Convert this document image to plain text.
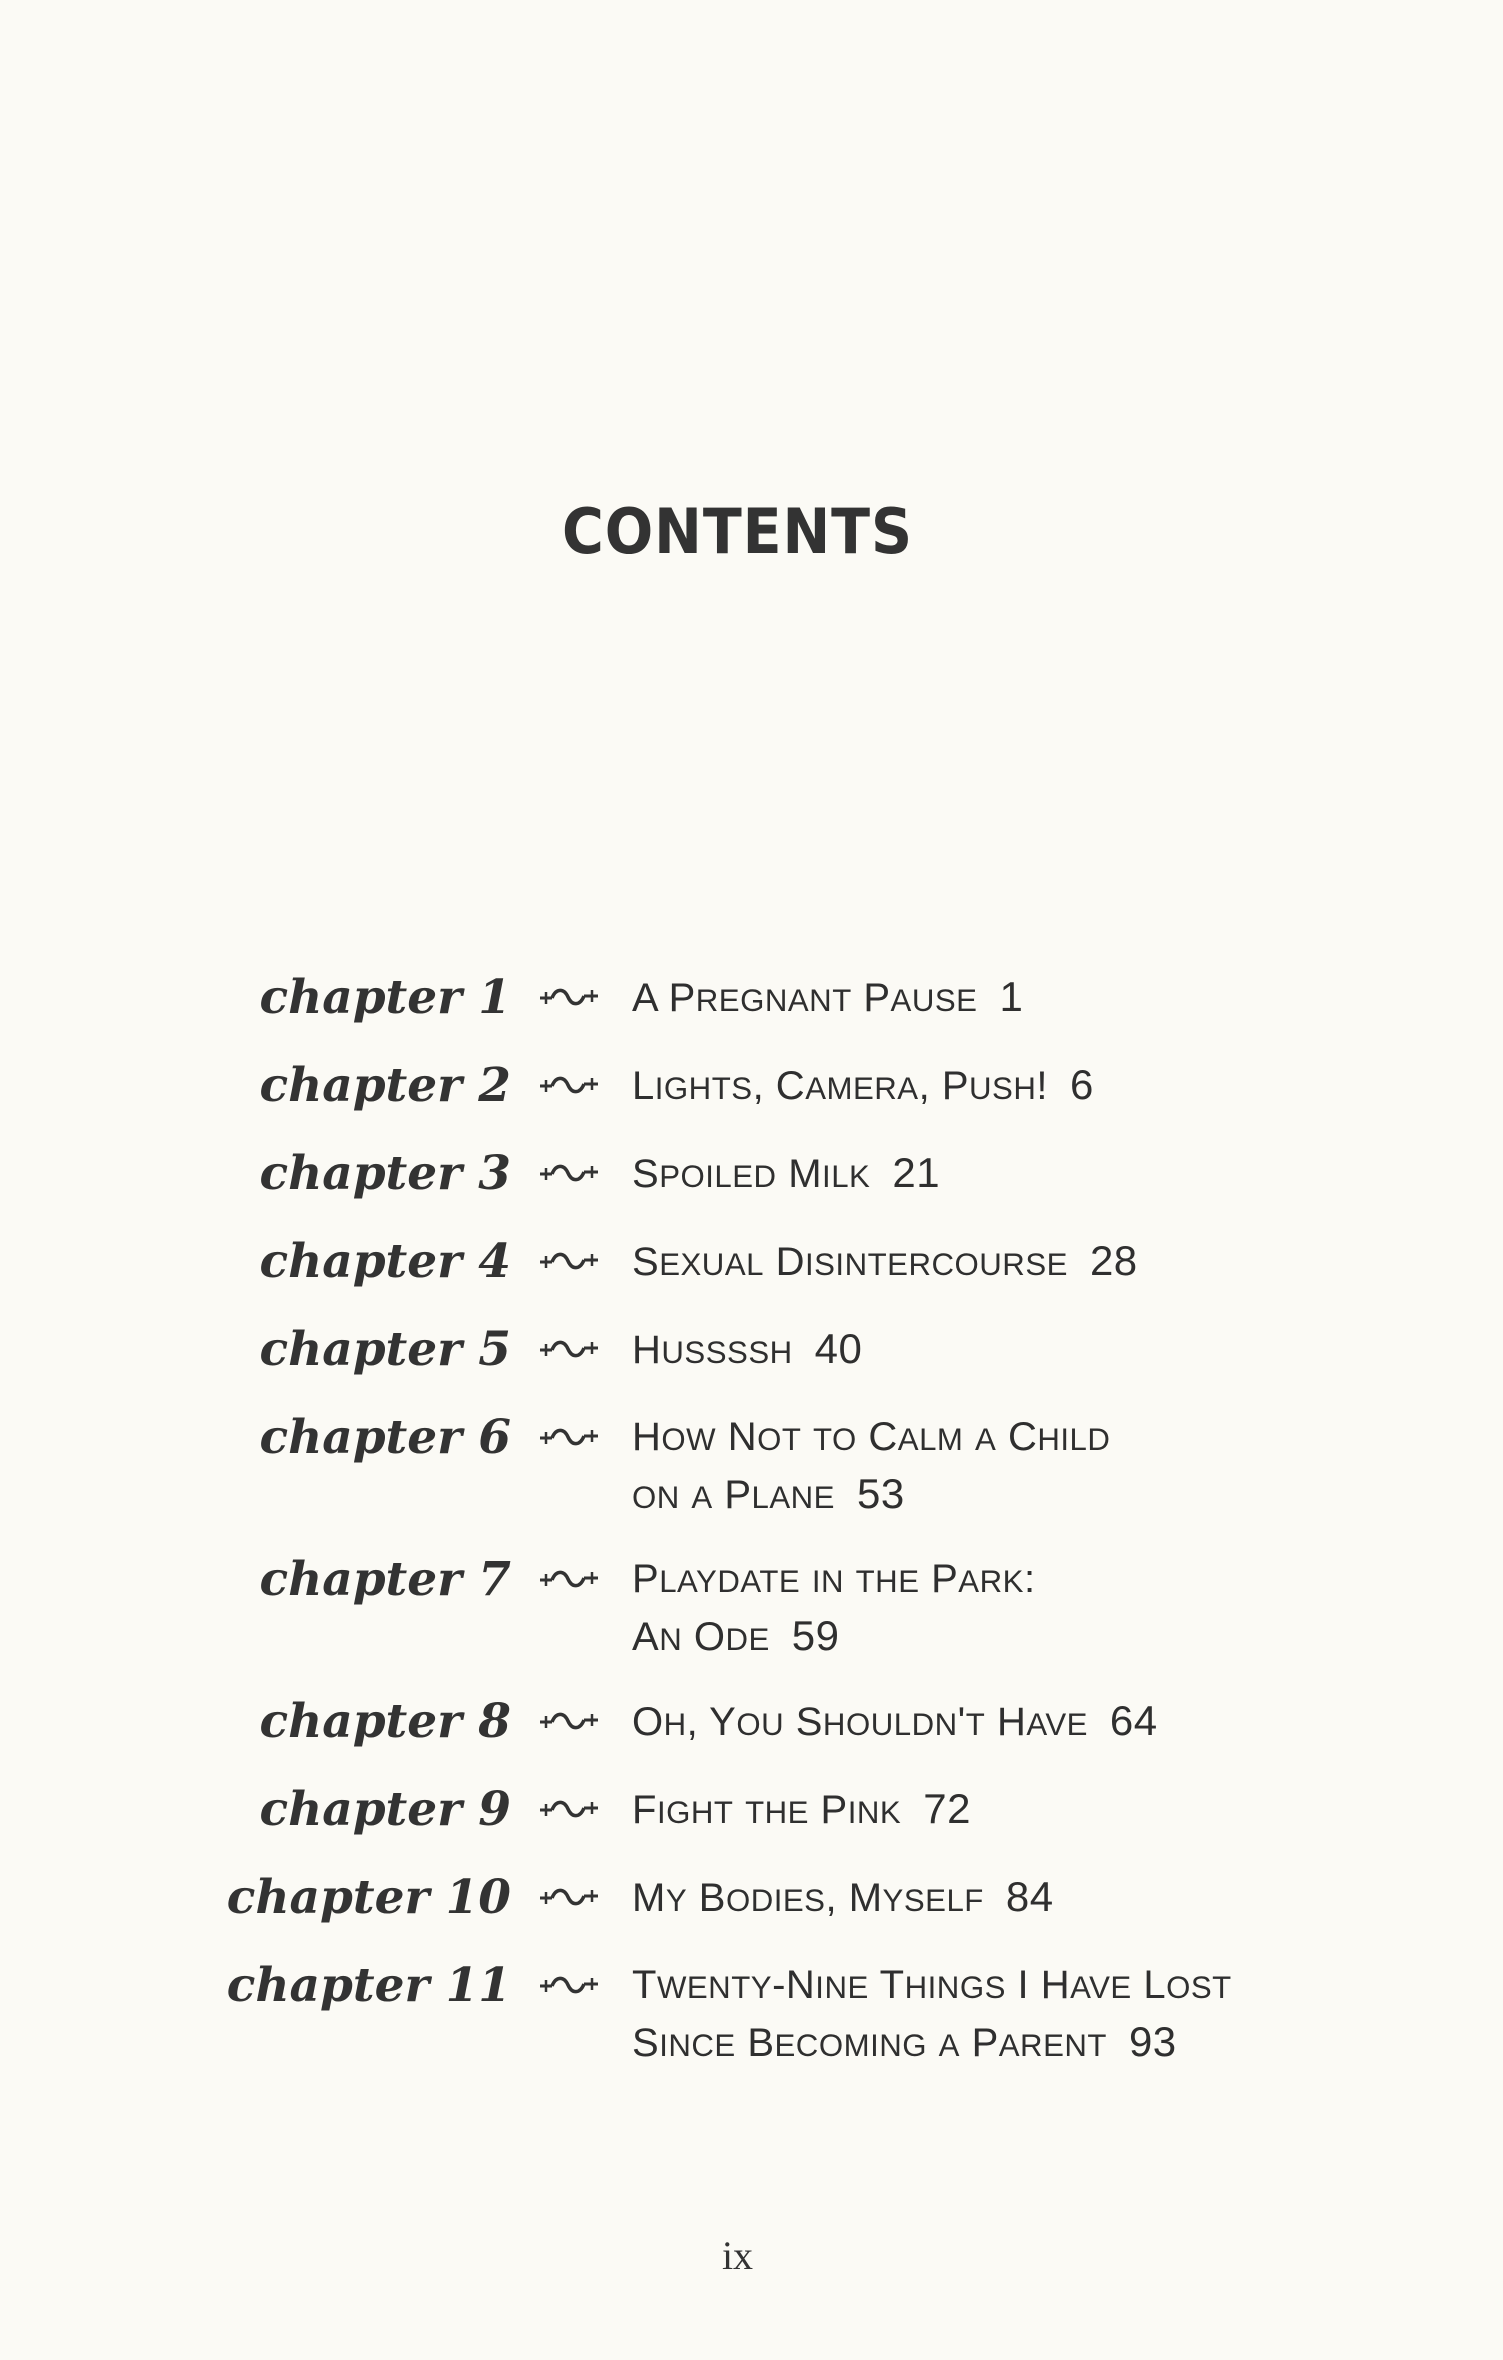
CONTENTS
chapter 1	A PREGNANT PAUSE 1
chapter 2	LIGHTS, CAMERA, PUSH! 6
chapter 3	SPOILED MILK 21
chapter 4	SEXUAL DISINTERCOURSE 28
chapter 5	HUSSSSH 40
chapter 6	HOW NOT TO CALM A CHILD
ON A PLANE 53
chapter 7	PLAYDATE IN THE PARK:
AN ODE 59
chapter 8	OH, YOU SHOULDN'T HAVE 64
chapter 9	FIGHT THE PINK 72
chapter 10	MY BODIES, MYSELF 84
chapter 11	TWENTY-NINE THINGS I HAVE LOST
SINCE BECOMING A PARENT 93
ix
